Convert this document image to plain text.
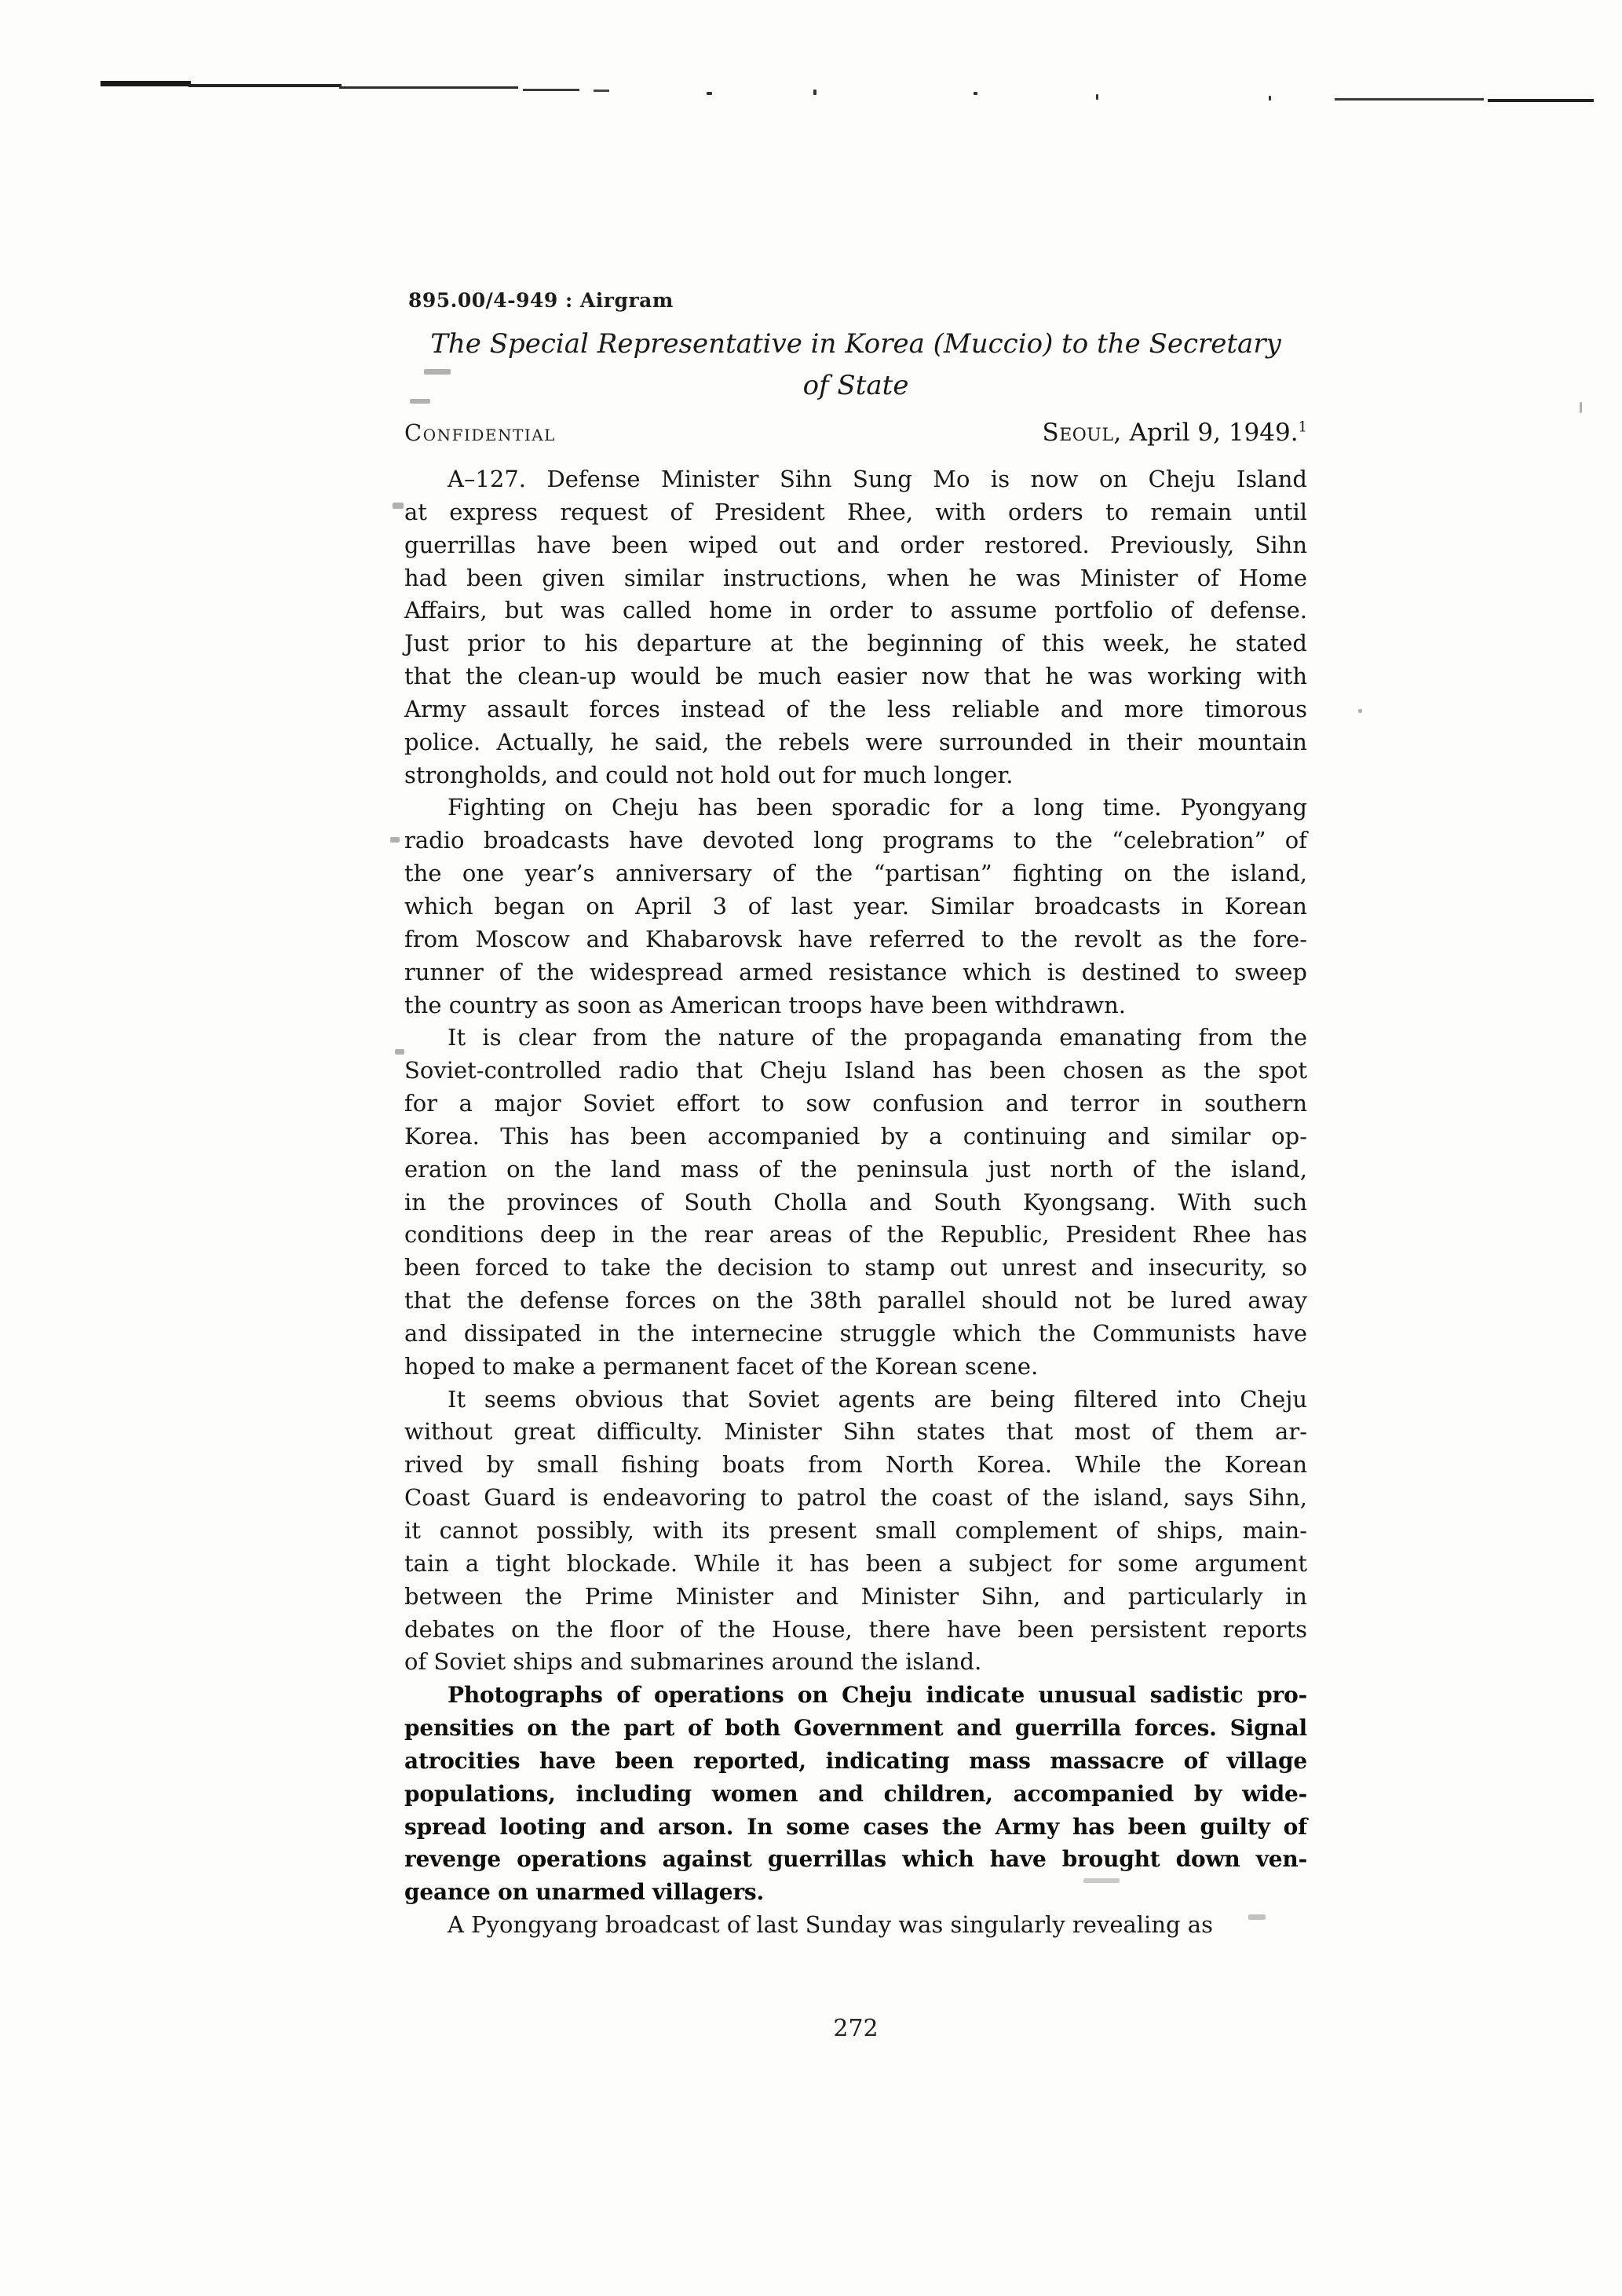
895.00/4-949 : Airgram
The Special Representative in Korea (Muccio) to the Secretary
of State
Confidential	Seoul, April 9, 1949.$^1$
A–127. Defense Minister Sihn Sung Mo is now on Cheju Island
at express request of President Rhee, with orders to remain until
guerrillas have been wiped out and order restored. Previously, Sihn
had been given similar instructions, when he was Minister of Home
Affairs, but was called home in order to assume portfolio of defense.
Just prior to his departure at the beginning of this week, he stated
that the clean-up would be much easier now that he was working with
Army assault forces instead of the less reliable and more timorous
police. Actually, he said, the rebels were surrounded in their mountain
strongholds, and could not hold out for much longer.
Fighting on Cheju has been sporadic for a long time. Pyongyang
radio broadcasts have devoted long programs to the “celebration” of
the one year’s anniversary of the “partisan” fighting on the island,
which began on April 3 of last year. Similar broadcasts in Korean
from Moscow and Khabarovsk have referred to the revolt as the fore-
runner of the widespread armed resistance which is destined to sweep
the country as soon as American troops have been withdrawn.
It is clear from the nature of the propaganda emanating from the
Soviet-controlled radio that Cheju Island has been chosen as the spot
for a major Soviet effort to sow confusion and terror in southern
Korea. This has been accompanied by a continuing and similar op-
eration on the land mass of the peninsula just north of the island,
in the provinces of South Cholla and South Kyongsang. With such
conditions deep in the rear areas of the Republic, President Rhee has
been forced to take the decision to stamp out unrest and insecurity, so
that the defense forces on the 38th parallel should not be lured away
and dissipated in the internecine struggle which the Communists have
hoped to make a permanent facet of the Korean scene.
It seems obvious that Soviet agents are being filtered into Cheju
without great difficulty. Minister Sihn states that most of them ar-
rived by small fishing boats from North Korea. While the Korean
Coast Guard is endeavoring to patrol the coast of the island, says Sihn,
it cannot possibly, with its present small complement of ships, main-
tain a tight blockade. While it has been a subject for some argument
between the Prime Minister and Minister Sihn, and particularly in
debates on the floor of the House, there have been persistent reports
of Soviet ships and submarines around the island.
Photographs of operations on Cheju indicate unusual sadistic pro-
pensities on the part of both Government and guerrilla forces. Signal
atrocities have been reported, indicating mass massacre of village
populations, including women and children, accompanied by wide-
spread looting and arson. In some cases the Army has been guilty of
revenge operations against guerrillas which have brought down ven-
geance on unarmed villagers.
A Pyongyang broadcast of last Sunday was singularly revealing as
272
